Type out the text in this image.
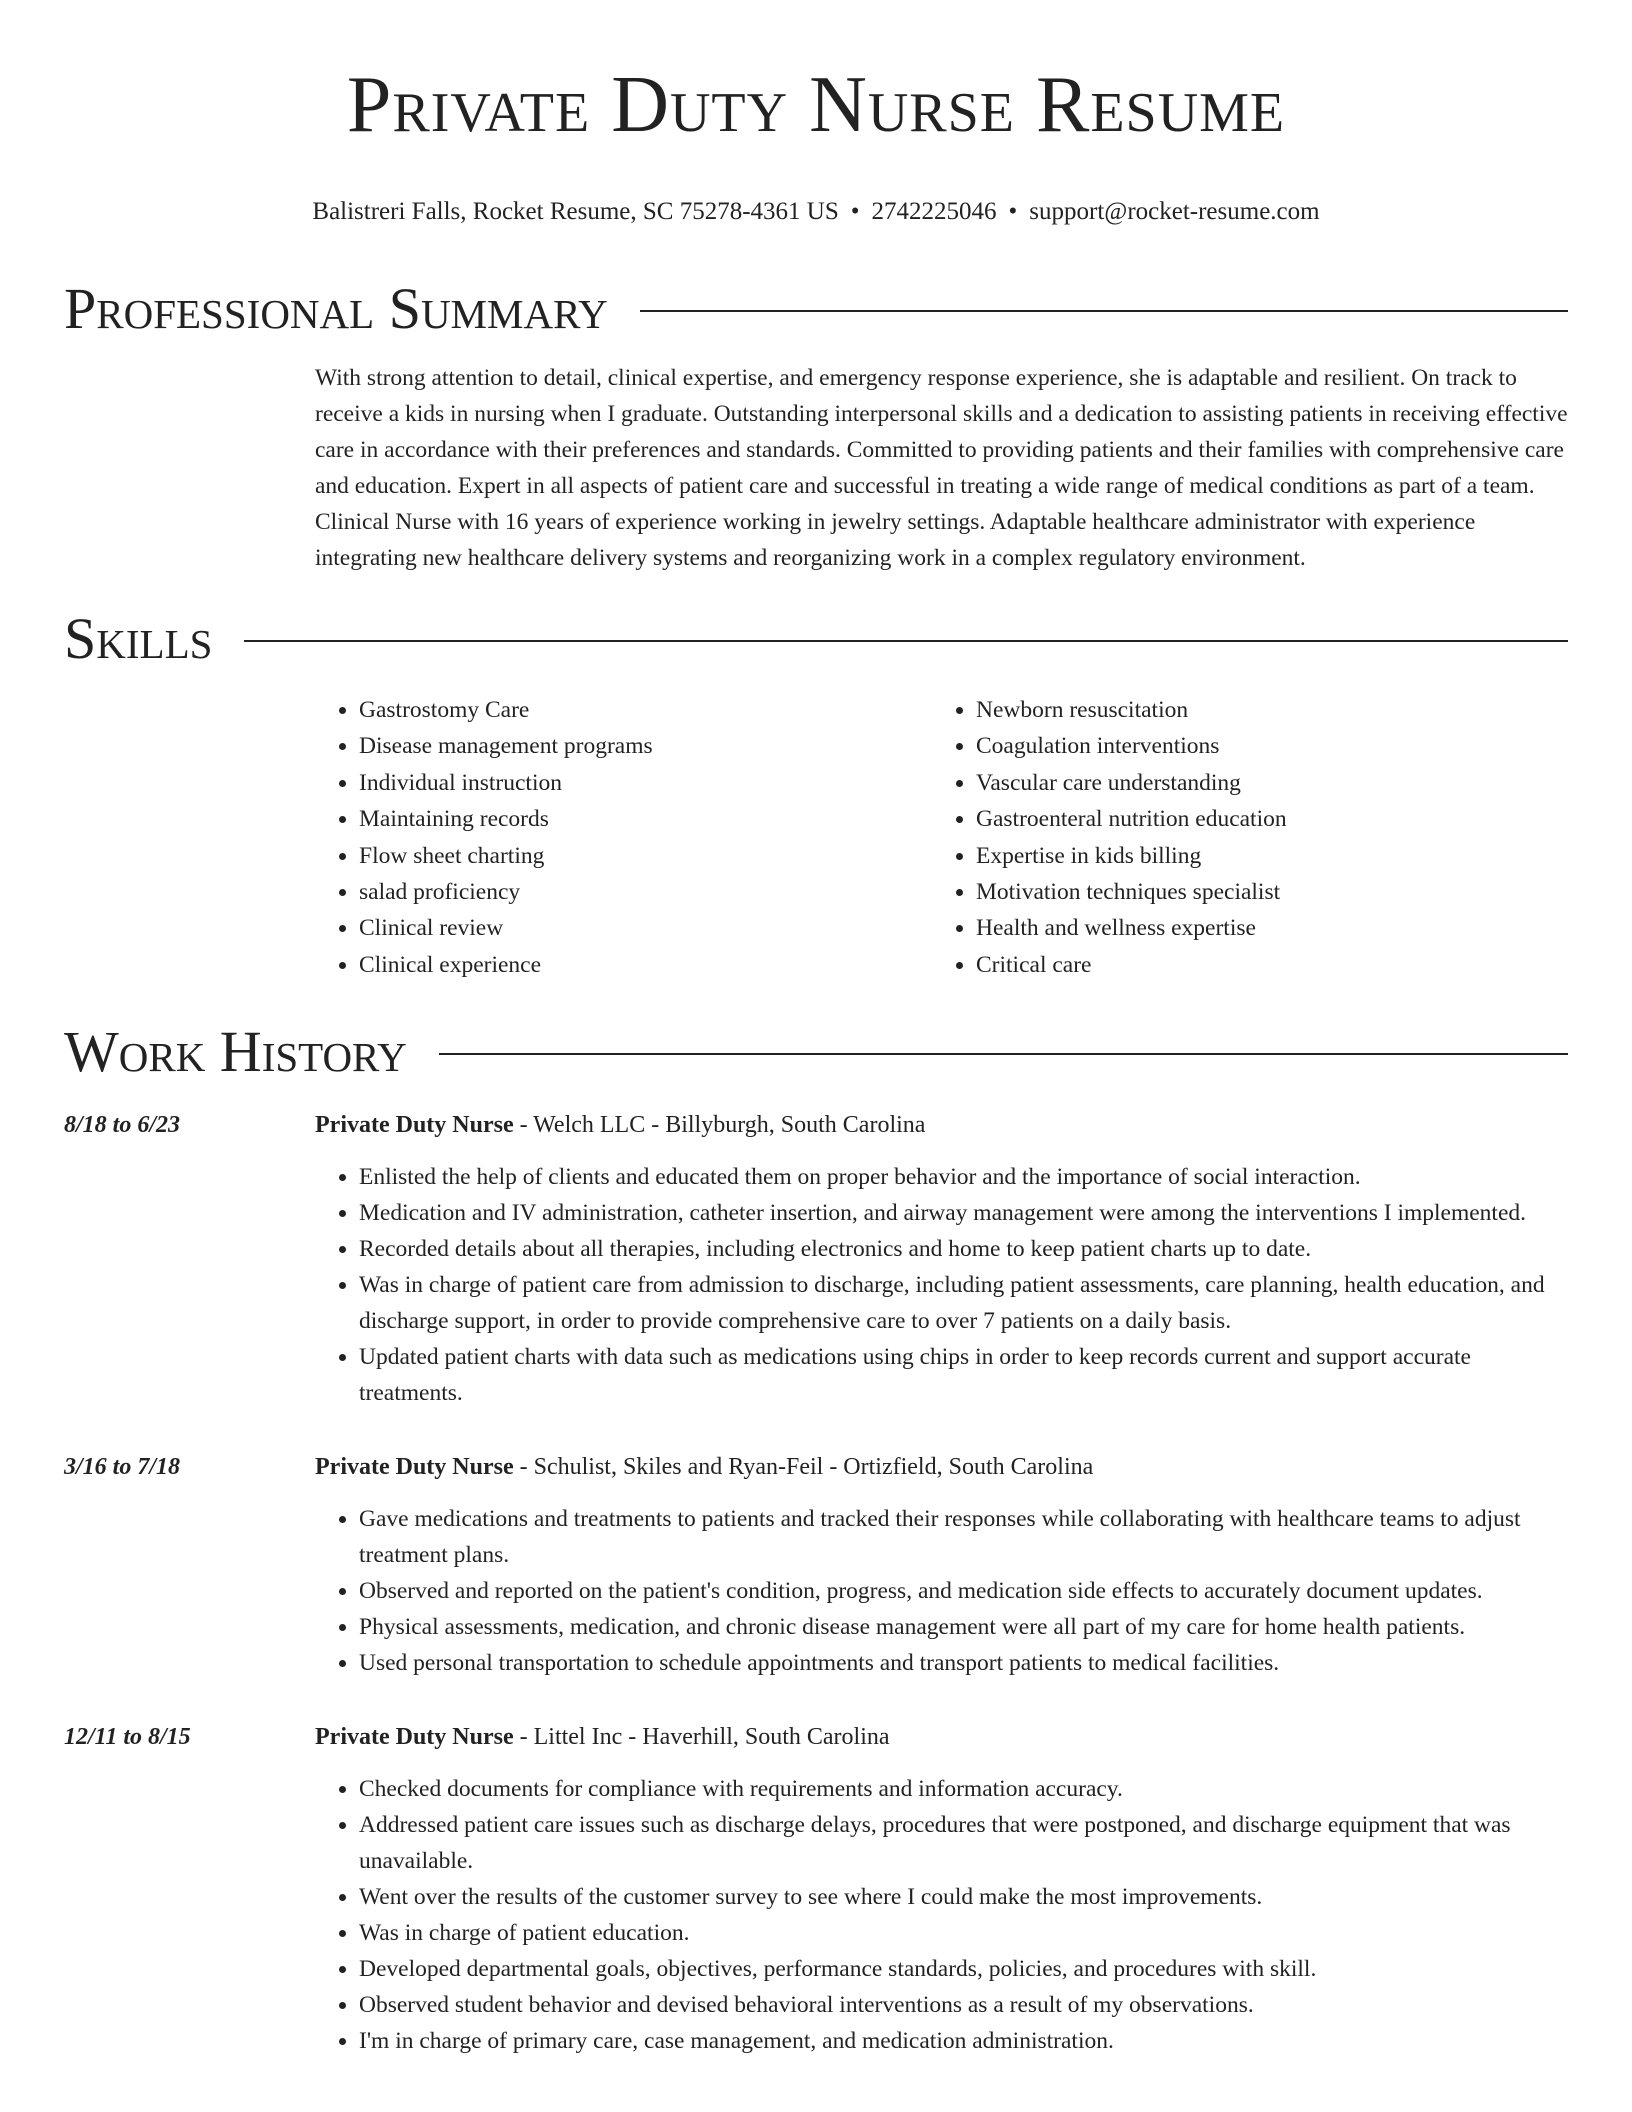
Private Duty Nurse Resume
Balistreri Falls, Rocket Resume, SC 75278-4361 US • 2742225046 • support@rocket-resume.com
Professional Summary

With strong attention to detail, clinical expertise, and emergency response experience, she is adaptable and resilient. On track to receive a kids in nursing when I graduate. Outstanding interpersonal skills and a dedication to assisting patients in receiving effective care in accordance with their preferences and standards. Committed to providing patients and their families with comprehensive care and education. Expert in all aspects of patient care and successful in treating a wide range of medical conditions as part of a team. Clinical Nurse with 16 years of experience working in jewelry settings. Adaptable healthcare administrator with experience integrating new healthcare delivery systems and reorganizing work in a complex regulatory environment.

Skills
• Gastrostomy Care
• Disease management programs
• Individual instruction
• Maintaining records
• Flow sheet charting
• salad proficiency
• Clinical review
• Clinical experience
• Newborn resuscitation
• Coagulation interventions
• Vascular care understanding
• Gastroenteral nutrition education
• Expertise in kids billing
• Motivation techniques specialist
• Health and wellness expertise
• Critical care
Work History
8/18 to 6/23	Private Duty Nurse - Welch LLC - Billyburgh, South Carolina
• Enlisted the help of clients and educated them on proper behavior and the importance of social interaction.
• Medication and IV administration, catheter insertion, and airway management were among the interventions I implemented.
• Recorded details about all therapies, including electronics and home to keep patient charts up to date.
• Was in charge of patient care from admission to discharge, including patient assessments, care planning, health education, and discharge support, in order to provide comprehensive care to over 7 patients on a daily basis.
• Updated patient charts with data such as medications using chips in order to keep records current and support accurate treatments.
3/16 to 7/18	Private Duty Nurse - Schulist, Skiles and Ryan-Feil - Ortizfield, South Carolina
• Gave medications and treatments to patients and tracked their responses while collaborating with healthcare teams to adjust treatment plans.
• Observed and reported on the patient's condition, progress, and medication side effects to accurately document updates.
• Physical assessments, medication, and chronic disease management were all part of my care for home health patients.
• Used personal transportation to schedule appointments and transport patients to medical facilities.
12/11 to 8/15	Private Duty Nurse - Littel Inc - Haverhill, South Carolina
• Checked documents for compliance with requirements and information accuracy.
• Addressed patient care issues such as discharge delays, procedures that were postponed, and discharge equipment that was unavailable.
• Went over the results of the customer survey to see where I could make the most improvements.
• Was in charge of patient education.
• Developed departmental goals, objectives, performance standards, policies, and procedures with skill.
• Observed student behavior and devised behavioral interventions as a result of my observations.
• I'm in charge of primary care, case management, and medication administration.
